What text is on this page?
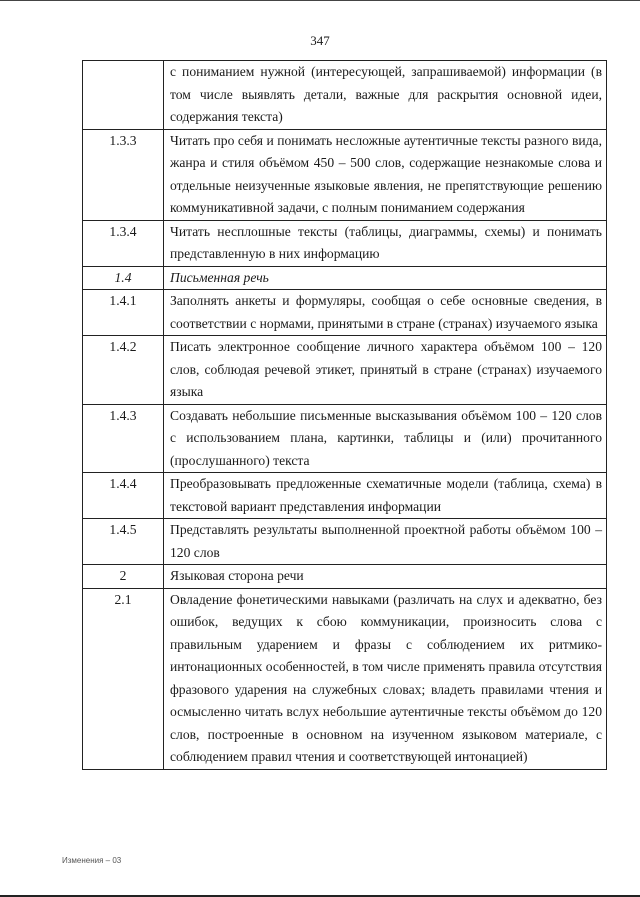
347
	с пониманием нужной (интересующей, запрашиваемой) информации (в том числе выявлять детали, важные для раскрытия основной идеи, содержания текста)
1.3.3	Читать про себя и понимать несложные аутентичные тексты разного вида, жанра и стиля объёмом 450 – 500 слов, содержащие незнакомые слова и отдельные неизученные языковые явления, не препятствующие решению коммуникативной задачи, с полным пониманием содержания
1.3.4	Читать несплошные тексты (таблицы, диаграммы, схемы) и понимать представленную в них информацию
1.4	Письменная речь
1.4.1	Заполнять анкеты и формуляры, сообщая о себе основные сведения, в соответствии с нормами, принятыми в стране (странах) изучаемого языка
1.4.2	Писать электронное сообщение личного характера объёмом 100 – 120 слов, соблюдая речевой этикет, принятый в стране (странах) изучаемого языка
1.4.3	Создавать небольшие письменные высказывания объёмом 100 – 120 слов с использованием плана, картинки, таблицы и (или) прочитанного (прослушанного) текста
1.4.4	Преобразовывать предложенные схематичные модели (таблица, схема) в текстовой вариант представления информации
1.4.5	Представлять результаты выполненной проектной работы объёмом 100 – 120 слов
2	Языковая сторона речи
2.1	Овладение фонетическими навыками (различать на слух и адекватно, без ошибок, ведущих к сбою коммуникации, произносить слова с правильным ударением и фразы с соблюдением их ритмико-интонационных особенностей, в том числе применять правила отсутствия фразового ударения на служебных словах; владеть правилами чтения и осмысленно читать вслух небольшие аутентичные тексты объёмом до 120 слов, построенные в основном на изученном языковом материале, с соблюдением правил чтения и соответствующей интонацией)
Изменения – 03
